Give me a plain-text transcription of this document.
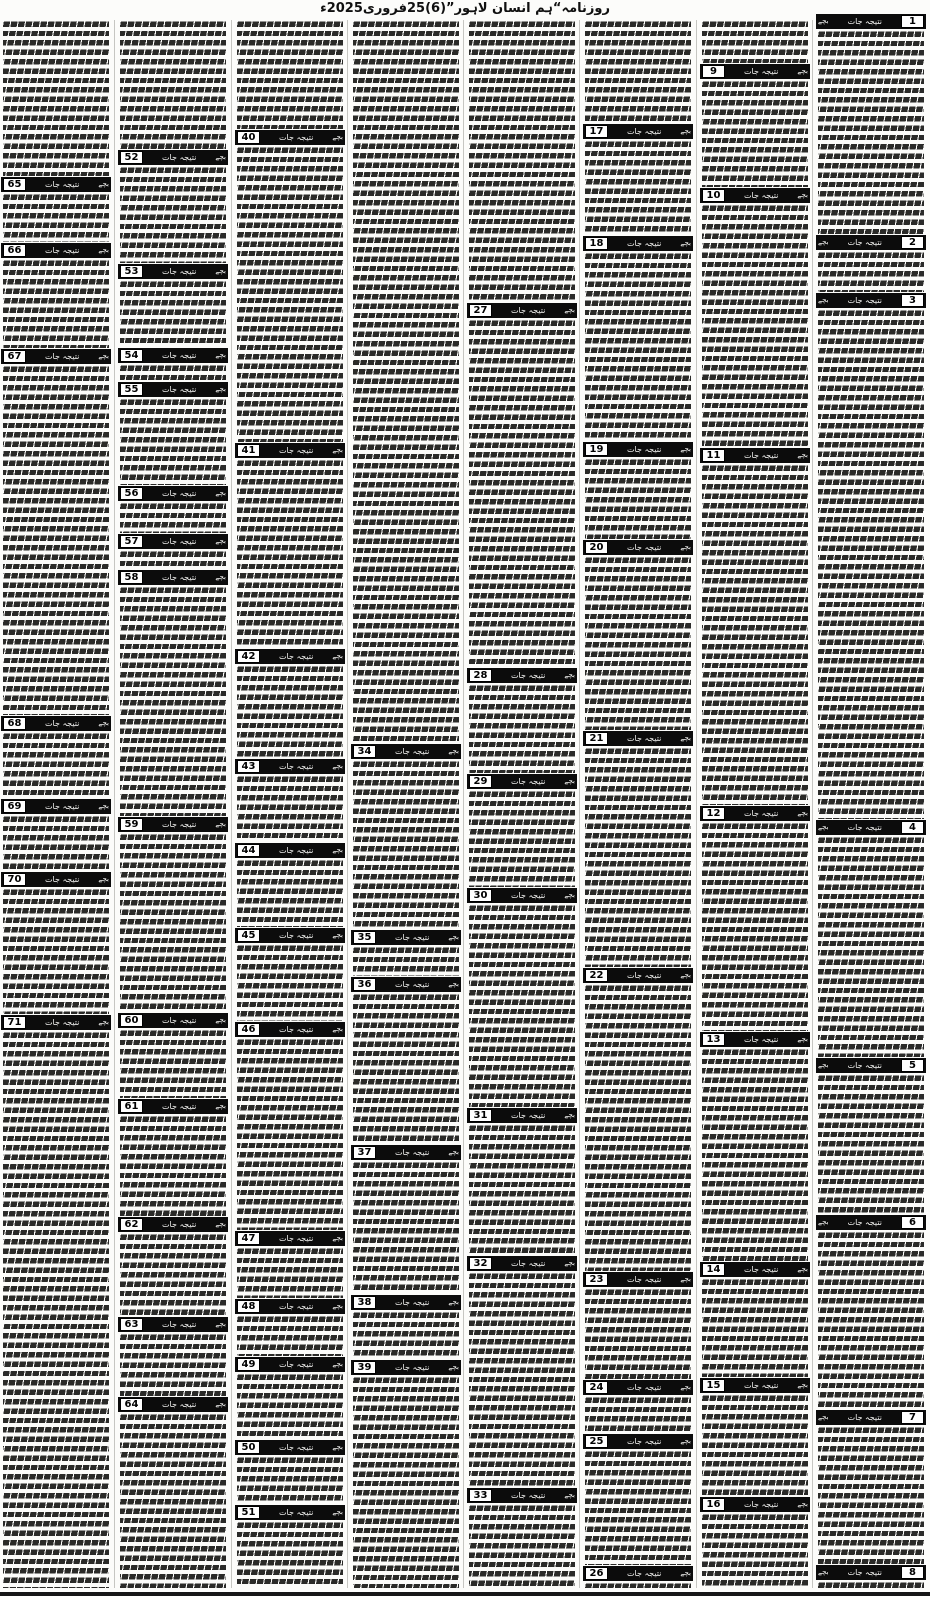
روزنامہ“ہم انسان لاہور”(6)25فروری2025ء
بچے	نتیجہ جات	1
بچے	نتیجہ جات	2
بچے	نتیجہ جات	3
بچے	نتیجہ جات	4
بچے	نتیجہ جات	5
بچے	نتیجہ جات	6
بچے	نتیجہ جات	7
بچے	نتیجہ جات	8
9	نتیجہ جات	بچے
10	نتیجہ جات	بچے
11	نتیجہ جات	بچے
12	نتیجہ جات	بچے
13	نتیجہ جات	بچے
14	نتیجہ جات	بچے
15	نتیجہ جات	بچے
16	نتیجہ جات	بچے
17	نتیجہ جات	بچے
18	نتیجہ جات	بچے
19	نتیجہ جات	بچے
20	نتیجہ جات	بچے
21	نتیجہ جات	بچے
22	نتیجہ جات	بچے
23	نتیجہ جات	بچے
24	نتیجہ جات	بچے
25	نتیجہ جات	بچے
26	نتیجہ جات	بچے
27	نتیجہ جات	بچے
28	نتیجہ جات	بچے
29	نتیجہ جات	بچے
30	نتیجہ جات	بچے
31	نتیجہ جات	بچے
32	نتیجہ جات	بچے
33	نتیجہ جات	بچے
34	نتیجہ جات	بچے
35	نتیجہ جات	بچے
36	نتیجہ جات	بچے
37	نتیجہ جات	بچے
38	نتیجہ جات	بچے
39	نتیجہ جات	بچے
40	نتیجہ جات	بچے
41	نتیجہ جات	بچے
42	نتیجہ جات	بچے
43	نتیجہ جات	بچے
44	نتیجہ جات	بچے
45	نتیجہ جات	بچے
46	نتیجہ جات	بچے
47	نتیجہ جات	بچے
48	نتیجہ جات	بچے
49	نتیجہ جات	بچے
50	نتیجہ جات	بچے
51	نتیجہ جات	بچے
52	نتیجہ جات	بچے
53	نتیجہ جات	بچے
54	نتیجہ جات	بچے
55	نتیجہ جات	بچے
56	نتیجہ جات	بچے
57	نتیجہ جات	بچے
58	نتیجہ جات	بچے
59	نتیجہ جات	بچے
60	نتیجہ جات	بچے
61	نتیجہ جات	بچے
62	نتیجہ جات	بچے
63	نتیجہ جات	بچے
64	نتیجہ جات	بچے
65	نتیجہ جات	بچے
66	نتیجہ جات	بچے
67	نتیجہ جات	بچے
68	نتیجہ جات	بچے
69	نتیجہ جات	بچے
70	نتیجہ جات	بچے
71	نتیجہ جات	بچے
